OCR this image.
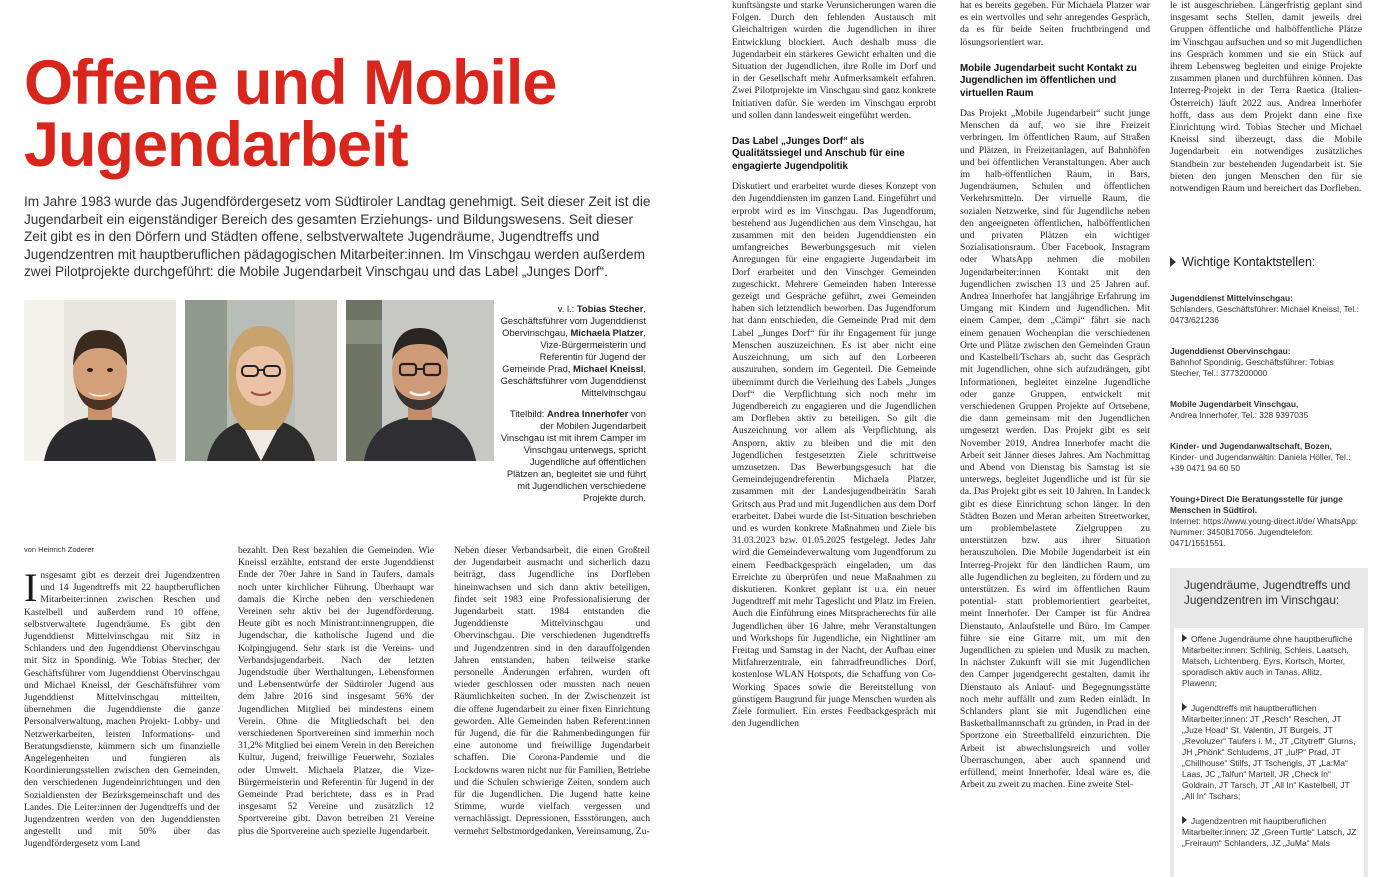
Offene und Mobile
Jugendarbeit

Im Jahre 1983 wurde das Jugendfördergesetz vom Südtiroler Landtag genehmigt. Seit dieser Zeit ist die Jugendarbeit ein eigenständiger Bereich des gesamten Erziehungs- und Bildungswesens. Seit dieser Zeit gibt es in den Dörfern und Städten offene, selbstverwaltete Jugendräume, Jugendtreffs und Jugendzentren mit hauptberuflichen pädagogischen Mitarbeiter:innen. Im Vinschgau werden außerdem zwei Pilotprojekte durchgeführt: die Mobile Jugendarbeit Vinschgau und das Label „Junges Dorf“.

v. l.: Tobias Stecher, Geschäftsführer vom Jugenddienst Obervinschgau, Michaela Platzer, Vize-Bürgermeisterin und Referentin für Jugend der Gemeinde Prad, Michael Kneissl, Geschäftsführer vom Jugenddienst Mittelvinschgau

Titelbild: Andrea Innerhofer von der Mobilen Jugendarbeit Vinschgau ist mit ihrem Camper im Vinschgau unterwegs, spricht Jugendliche auf öffentlichen Plätzen an, begleitet sie und führt mit Jugendlichen verschiedene Projekte durch.

von Heinrich Zoderer

Insgesamt gibt es derzeit drei Jugendzentren und 14 Jugendtreffs mit 22 hauptberuflichen Mitarbeiter:innen zwischen Reschen und Kastelbell und außerdem rund 10 offene, selbstverwaltete Jugendräume. Es gibt den Jugenddienst Mittelvinschgau mit Sitz in Schlanders und den Jugenddienst Obervinschgau mit Sitz in Spondinig. Wie Tobias Stecher, der Geschäftsführer vom Jugenddienst Obervinschgau und Michael Kneissl, der Geschäftsführer vom Jugenddienst Mittelvinschgau mitteilten, übernehmen die Jugenddienste die ganze Personalverwaltung, machen Projekt- Lobby- und Netzwerkarbeiten, leisten Informations- und Beratungsdienste, kümmern sich um finanzielle Angelegenheiten und fungieren als Koordinierungsstellen zwischen den Gemeinden, den verschiedenen Jugendeinrichtungen und den Sozialdiensten der Bezirksgemeinschaft und des Landes. Die Leiter:innen der Jugendtreffs und der Jugendzentren werden von den Jugenddiensten angestellt und mit 50% über das Jugendfördergesetz vom Land

bezahlt. Den Rest bezahlen die Gemeinden. Wie Kneissl erzählte, entstand der erste Jugenddienst Ende der 70er Jahre in Sand in Taufers, damals noch unter kirchlicher Führung. Überhaupt war damals die Kirche neben den verschiedenen Vereinen sehr aktiv bei der Jugendförderung. Heute gibt es noch Ministrant:innengruppen, die Jugendschar, die katholische Jugend und die Kolpingjugend. Sehr stark ist die Vereins- und Verbandsjugendarbeit. Nach der letzten Jugendstudie über Werthaltungen, Lebensformen und Lebensentwürfe der Südtiroler Jugend aus dem Jahre 2016 sind insgesamt 56% der Jugendlichen Mitglied bei mindestens einem Verein. Ohne die Mitgliedschaft bei den verschiedenen Sportvereinen sind immerhin noch 31,2% Mitglied bei einem Verein in den Bereichen Kultur, Jugend, freiwillige Feuerwehr, Soziales oder Umwelt. Michaela Platzer, die Vize-Bürgermeisterin und Referentin für Jugend in der Gemeinde Prad berichtete, dass es in Prad insgesamt 52 Vereine und zusätzlich 12 Sportvereine gibt. Davon betreiben 21 Vereine plus die Sportvereine auch spezielle Jugendarbeit.

Neben dieser Verbandsarbeit, die einen Großteil der Jugendarbeit ausmacht und sicherlich dazu beiträgt, dass Jugendliche ins Dorfleben hineinwachsen und sich dann aktiv beteiligen, findet seit 1983 eine Professionalisierung der Jugendarbeit statt. 1984 entstanden die Jugenddienste Mittelvinschgau und Obervinschgau. Die verschiedenen Jugendtreffs und Jugendzentren sind in den darauffolgenden Jahren entstanden, haben teilweise starke personelle Änderungen erfahren, wurden oft wieder geschlossen oder mussten nach neuen Räumlichkeiten suchen. In der Zwischenzeit ist die offene Jugendarbeit zu einer fixen Einrichtung geworden. Alle Gemeinden haben Referent:innen für Jugend, die für die Rahmenbedingungen für eine autonome und freiwillige Jugendarbeit schaffen. Die Corona-Pandemie und die Lockdowns waren nicht nur für Familien, Betriebe und die Schulen schwierige Zeiten, sondern auch für die Jugendlichen. Die Jugend hatte keine Stimme, wurde vielfach vergessen und vernachlässigt. Depressionen, Essstörungen, auch vermehrt Selbstmordgedanken, Vereinsamung, Zu-

kunftsängste und starke Verunsicherungen waren die Folgen. Durch den fehlenden Austausch mit Gleichaltrigen wurden die Jugendlichen in ihrer Entwicklung blockiert. Auch deshalb muss die Jugendarbeit ein stärkeres Gewicht erhalten und die Situation der Jugendlichen, ihre Rolle im Dorf und in der Gesellschaft mehr Aufmerksamkeit erfahren. Zwei Pilotprojekte im Vinschgau sind ganz konkrete Initiativen dafür. Sie werden im Vinschgau erprobt und sollen dann landesweit eingeführt werden.

Das Label „Junges Dorf“ als Qualitätssiegel und Anschub für eine engagierte Jugendpolitik

Diskutiert und erarbeitet wurde dieses Konzept von den Jugenddiensten im ganzen Land. Eingeführt und erprobt wird es im Vinschgau. Das Jugendforum, bestehend aus Jugendlichen aus dem Vinschgau, hat zusammen mit den beiden Jugenddiensten ein umfangreiches Bewerbungsgesuch mit vielen Anregungen für eine engagierte Jugendarbeit im Dorf erarbeitet und den Vinschger Gemeinden zugeschickt. Mehrere Gemeinden haben Interesse gezeigt und Gespräche geführt, zwei Gemeinden haben sich letztendlich beworben. Das Jugendforum hat dann entschieden, die Gemeinde Prad mit dem Label „Junges Dorf“ für ihr Engagement für junge Menschen auszuzeichnen. Es ist aber nicht eine Auszeichnung, um sich auf den Lorbeeren auszuruhen, sondern im Gegenteil. Die Gemeinde übernimmt durch die Verleihung des Labels „Junges Dorf“ die Verpflichtung sich noch mehr im Jugendbereich zu engagieren und die Jugendlichen am Dorfleben aktiv zu beteiligen. So gilt die Auszeichnung vor allem als Verpflichtung, als Ansporn, aktiv zu bleiben und die mit den Jugendlichen festgesetzten Ziele schrittweise umzusetzen. Das Bewerbungsgesuch hat die Gemeindejugendreferentin Michaela Platzer, zusammen mit der Landesjugendbeirätin Sarah Gritsch aus Prad und mit Jugendlichen aus dem Dorf erarbeitet. Dabei wurde die Ist-Situation beschrieben und es wurden konkrete Maßnahmen und Ziele bis 31.03.2023 bzw. 01.05.2025 festgelegt. Jedes Jahr wird die Gemeindeverwaltung vom Jugendforum zu einem Feedbackgespräch eingeladen, um das Erreichte zu überprüfen und neue Maßnahmen zu diskutieren. Konkret geplant ist u.a. ein neuer Jugendtreff mit mehr Tageslicht und Platz im Freien. Auch die Einführung eines Mitspracherechts für alle Jugendlichen über 16 Jahre, mehr Veranstaltungen und Workshops für Jugendliche, ein Nightliner am Freitag und Samstag in der Nacht, der Aufbau einer Mitfahrerzentrale, ein fahrradfreundliches Dorf, kostenlose WLAN Hotspots, die Schaffung von Co-Working Spaces sowie die Bereitstellung von günstigem Baugrund für junge Menschen wurden als Ziele formuliert. Ein erstes Feedbackgespräch mit den Jugendlichen

hat es bereits gegeben. Für Michaela Platzer war es ein wertvolles und sehr anregendes Gespräch, da es für beide Seiten fruchtbringend und lösungsorientiert war.

Mobile Jugendarbeit sucht Kontakt zu Jugendlichen im öffentlichen und virtuellen Raum

Das Projekt „Mobile Jugendarbeit“ sucht junge Menschen da auf, wo sie ihre Freizeit verbringen. Im öffentlichen Raum, auf Straßen und Plätzen, in Freizeitanlagen, auf Bahnhöfen und bei öffentlichen Veranstaltungen. Aber auch im halb-öffentlichen Raum, in Bars, Jugendräumen, Schulen und öffentlichen Verkehrsmitteln. Der virtuelle Raum, die sozialen Netzwerke, sind für Jugendliche neben den angeeigneten öffentlichen, halböffentlichen und privaten Plätzen ein wichtiger Sozialisationsraum. Über Facebook, Instagram oder WhatsApp nehmen die mobilen Jugendarbeiter:innen Kontakt mit den Jugendlichen zwischen 13 und 25 Jahren auf. Andrea Innerhofer hat langjährige Erfahrung im Umgang mit Kindern und Jugendlichen. Mit einem Camper, dem „Cämpi“ fährt sie nach einem genauen Wochenplan die verschiedenen Orte und Plätze zwischen den Gemeinden Graun und Kastelbell/Tschars ab, sucht das Gespräch mit Jugendlichen, ohne sich aufzudrängen, gibt Informationen, begleitet einzelne Jugendliche oder ganze Gruppen, entwickelt mit verschiedenen Gruppen Projekte auf Ortsebene, die dann gemeinsam mit den Jugendlichen umgesetzt werden. Das Projekt gibt es seit November 2019, Andrea Innerhofer macht die Arbeit seit Jänner dieses Jahres. Am Nachmittag und Abend von Dienstag bis Samstag ist sie unterwegs, begleitet Jugendliche und ist für sie da. Das Projekt gibt es seit 10 Jahren. In Landeck gibt es diese Einrichtung schon länger. In den Städten Bozen und Meran arbeiten Streetworker, um problembelastete Zielgruppen zu unterstützen bzw. aus ihrer Situation herauszuholen. Die Mobile Jugendarbeit ist ein Interreg-Projekt für den ländlichen Raum, um alle Jugendlichen zu begleiten, zu fördern und zu unterstützen. Es wird im öffentlichen Raum potential- statt problemorientiert gearbeitet, meint Innerhofer. Der Camper ist für Andrea Dienstauto, Anlaufstelle und Büro. Im Camper führe sie eine Gitarre mit, um mit den Jugendlichen zu spielen und Musik zu machen. In nächster Zukunft will sie mit Jugendlichen den Camper jugendgerecht gestalten, damit ihr Dienstauto als Anlauf- und Begegnungsstätte noch mehr auffällt und zum Reden einlädt. In Schlanders plant sie mit Jugendlichen eine Basketballmannschaft zu gründen, in Prad in der Sportzone ein Streetballfeld einzurichten. Die Arbeit ist abwechslungsreich und voller Überraschungen, aber auch spannend und erfüllend, meint Innerhofer. Ideal wäre es, die Arbeit zu zweit zu machen. Eine zweite Stel-

le ist ausgeschrieben. Längerfristig geplant sind insgesamt sechs Stellen, damit jeweils drei Gruppen öffentliche und halböffentliche Plätze im Vinschgau aufsuchen und so mit Jugendlichen ins Gespräch kommen und sie ein Stück auf ihrem Lebensweg begleiten und einige Projekte zusammen planen und durchführen können. Das Interreg-Projekt in der Terra Raetica (Italien-Österreich) läuft 2022 aus. Andrea Innerhofer hofft, dass aus dem Projekt dann eine fixe Einrichtung wird. Tobias Stecher und Michael Kneissl sind überzeugt, dass die Mobile Jugendarbeit ein notwendiges zusätzliches Standbein zur bestehenden Jugendarbeit ist. Sie bieten den jungen Menschen den für sie notwendigen Raum und bereichert das Dorfleben.

Wichtige Kontaktstellen:
Jugenddienst Mittelvinschgau:
Schlanders, Geschäftsführer: Michael Kneissl, Tel.: 0473/621236
Jugenddienst Obervinschgau:
Bahnhof Spondinig, Geschäftsführer: Tobias Stecher, Tel.: 3773200000
Mobile Jugendarbeit Vinschgau,
Andrea Innerhofer, Tel.: 328 9397035
Kinder- und Jugendanwaltschaft, Bozen,
Kinder- und Jugendanwältin: Daniela Höller, Tel.: +39 0471 94 60 50
Young+Direct Die Beratungsstelle für junge Menschen in Südtirol.
Internet: https://www.young-direct.it/de/ WhatsApp: Nummer: 3450817056. Jugendtelefon: 0471/1551551.
Jugendräume, Jugendtreffs und Jugendzentren im Vinschgau:
Offene Jugendräume ohne hauptberufliche Mitarbeiter:innen: Schlinig, Schleis, Laatsch, Matsch, Lichtenberg, Eyrs, Kortsch, Morter, sporadisch aktiv auch in Tanas, Allitz, Plawenn;
Jugendtreffs mit hauptberuflichen Mitarbeiter:innen: JT „Resch“ Reschen, JT „Juze Hoad“ St. Valentin, JT Burgeis, JT „Revoluzer“ Taufers i. M., JT „Citytreff“ Glurns, JH „Phönk“ Schludems, JT „Iu!P“ Prad, JT „Chillhouse“ Stilfs, JT Tschengls, JT „La:Ma“ Laas, JC „Talfun“ Martell, JR „Check In“ Goldrain, JT Tarsch, JT „All In“ Kastelbell, JT „All In“ Tschars;
Jugendzentren mit hauptberuflichen Mitarbeiter:innen: JZ „Green Turtle“ Latsch, JZ „Freiraum“ Schlanders, JZ „JuMa“ Mals
